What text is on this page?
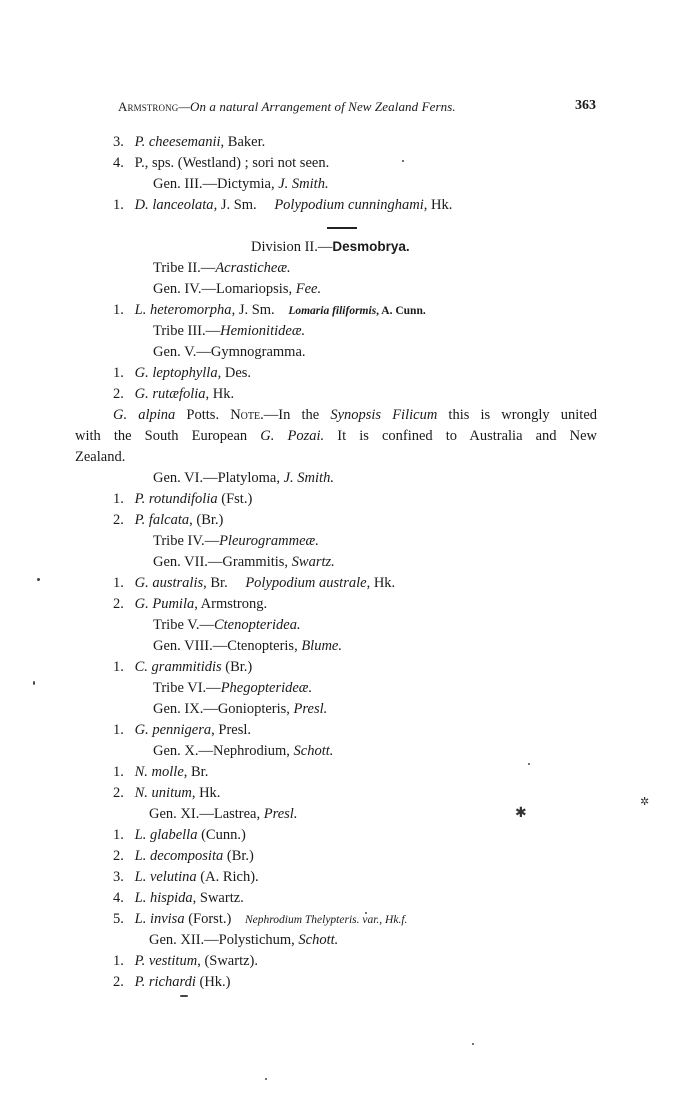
Armstrong—On a natural Arrangement of New Zealand Ferns.	363
3. P. cheesemanii, Baker.
4. P., sps. (Westland) ; sori not seen.
Gen. III.—Dictymia, J. Smith.
1. D. lanceolata, J. Sm. Polypodium cunninghami, Hk.
Division II.—Desmobrya.
Tribe II.—Acrasticheæ.
Gen. IV.—Lomariopsis, Fee.
1. L. heteromorpha, J. Sm. Lomaria filiformis, A. Cunn.
Tribe III.—Hemionitideæ.
Gen. V.—Gymnogramma.
1. G. leptophylla, Des.
2. G. rutæfolia, Hk.
G. alpina Potts. Note.—In the Synopsis Filicum this is wrongly united
with the South European G. Pozai. It is confined to Australia and New
Zealand.
Gen. VI.—Platyloma, J. Smith.
1. P. rotundifolia (Fst.)
2. P. falcata, (Br.)
Tribe IV.—Pleurogrammeæ.
Gen. VII.—Grammitis, Swartz.
1. G. australis, Br. Polypodium australe, Hk.
2. G. Pumila, Armstrong.
Tribe V.—Ctenopteridea.
Gen. VIII.—Ctenopteris, Blume.
1. C. grammitidis (Br.)
Tribe VI.—Phegopterideæ.
Gen. IX.—Goniopteris, Presl.
1. G. pennigera, Presl.
Gen. X.—Nephrodium, Schott.
1. N. molle, Br.
2. N. unitum, Hk.
Gen. XI.—Lastrea, Presl.
1. L. glabella (Cunn.)
2. L. decomposita (Br.)
3. L. velutina (A. Rich).
4. L. hispida, Swartz.
5. L. invisa (Forst.) Nephrodium Thelypteris. var., Hk.f.
Gen. XII.—Polystichum, Schott.
1. P. vestitum, (Swartz).
2. P. richardi (Hk.)
✱
✲
